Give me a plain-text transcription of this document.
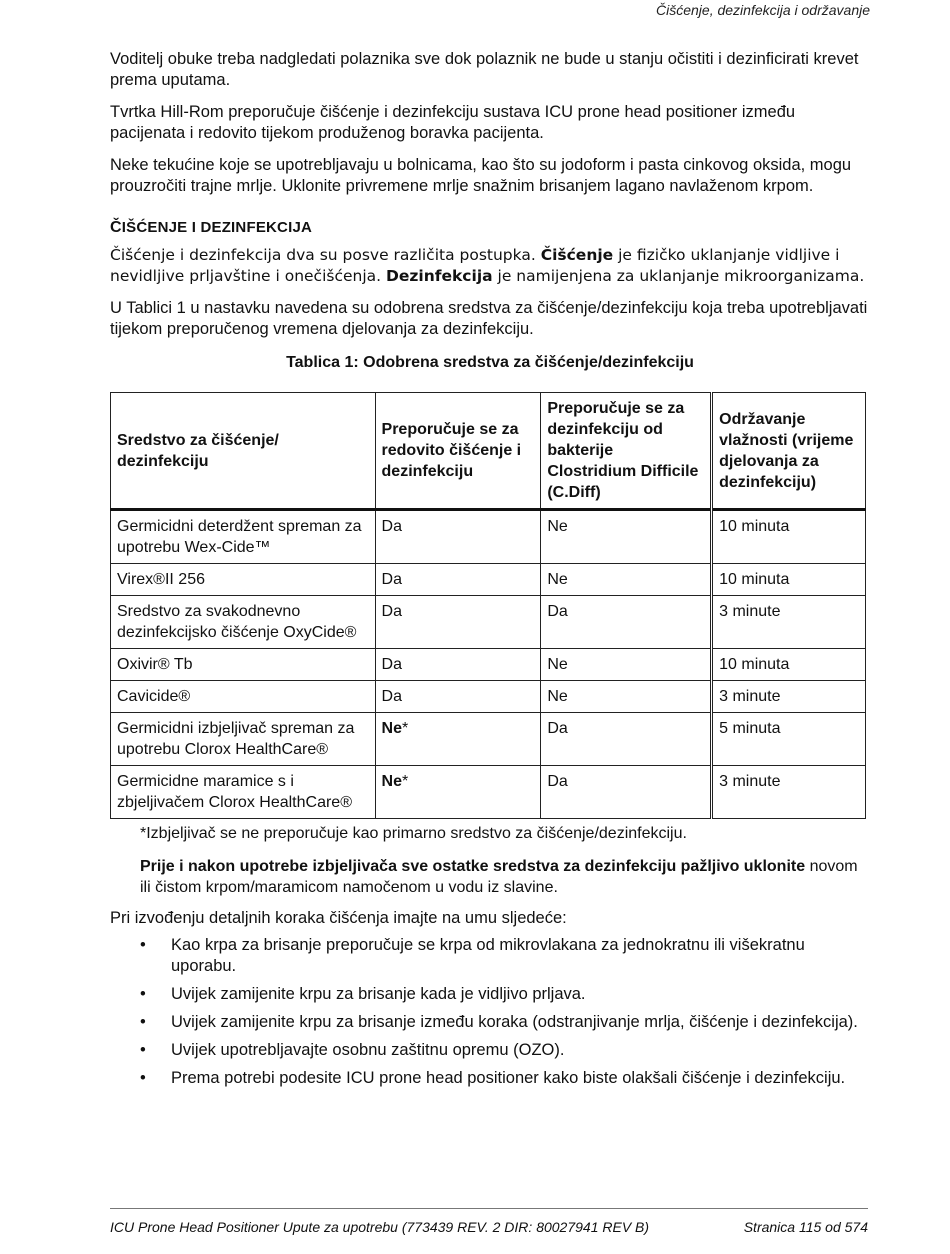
Čišćenje, dezinfekcija i održavanje

Voditelj obuke treba nadgledati polaznika sve dok polaznik ne bude u stanju očistiti i dezinficirati krevet prema uputama.

Tvrtka Hill-Rom preporučuje čišćenje i dezinfekciju sustava ICU prone head positioner između pacijenata i redovito tijekom produženog boravka pacijenta.

Neke tekućine koje se upotrebljavaju u bolnicama, kao što su jodoform i pasta cinkovog oksida, mogu prouzročiti trajne mrlje. Uklonite privremene mrlje snažnim brisanjem lagano navlaženom krpom.

ČIŠĆENJE I DEZINFEKCIJA

Čišćenje i dezinfekcija dva su posve različita postupka. Čišćenje je fizičko uklanjanje vidljive i nevidljive prljavštine i onečišćenja. Dezinfekcija je namijenjena za uklanjanje mikroorganizama.

U Tablici 1 u nastavku navedena su odobrena sredstva za čišćenje/dezinfekciju koja treba upotrebljavati tijekom preporučenog vremena djelovanja za dezinfekciju.

Tablica 1: Odobrena sredstva za čišćenje/dezinfekciju
Sredstvo za čišćenje/ dezinfekciju	Preporučuje se za redovito čišćenje i dezinfekciju	Preporučuje se za dezinfekciju od bakterije Clostridium Difficile (C.Diff)	Održavanje vlažnosti (vrijeme djelovanja za dezinfekciju)
Germicidni deterdžent spreman za upotrebu Wex-Cide™	Da	Ne	10 minuta
Virex®II 256	Da	Ne	10 minuta
Sredstvo za svakodnevno dezinfekcijsko čišćenje OxyCide®	Da	Da	3 minute
Oxivir® Tb	Da	Ne	10 minuta
Cavicide®	Da	Ne	3 minute
Germicidni izbjeljivač spreman za upotrebu Clorox HealthCare®	Ne*	Da	5 minuta
Germicidne maramice s i zbjeljivačem Clorox HealthCare®	Ne*	Da	3 minute
*Izbjeljivač se ne preporučuje kao primarno sredstvo za čišćenje/dezinfekciju.
Prije i nakon upotrebe izbjeljivača sve ostatke sredstva za dezinfekciju pažljivo uklonite novom ili čistom krpom/maramicom namočenom u vodu iz slavine.

Pri izvođenju detaljnih koraka čišćenja imajte na umu sljedeće:

• Kao krpa za brisanje preporučuje se krpa od mikrovlakana za jednokratnu ili višekratnu uporabu.
• Uvijek zamijenite krpu za brisanje kada je vidljivo prljava.
• Uvijek zamijenite krpu za brisanje između koraka (odstranjivanje mrlja, čišćenje i dezinfekcija).
• Uvijek upotrebljavajte osobnu zaštitnu opremu (OZO).
• Prema potrebi podesite ICU prone head positioner kako biste olakšali čišćenje i dezinfekciju.
ICU Prone Head Positioner Upute za upotrebu (773439 REV. 2 DIR: 80027941 REV B)	Stranica 115 od 574
